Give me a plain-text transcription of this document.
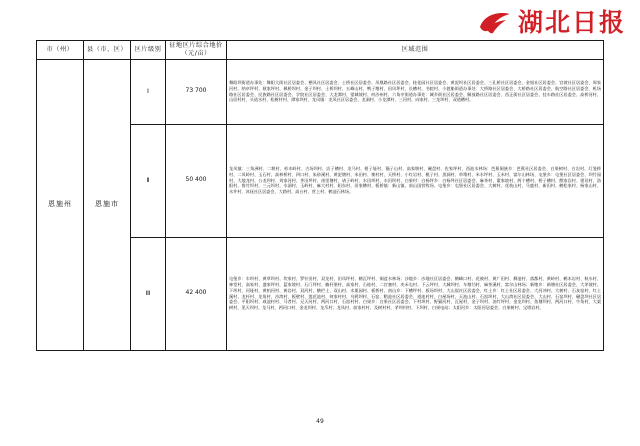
湖北日报
市（州）	县（市、区）	区片级别	征地区片综合地价（元/亩）	区域范围
恩施州	恩施市	Ⅰ	73 700	舞阳坝街道办事处：舞阳大街社区居委会、栖凤社区居委会、土桥社区居委会、凤凰路社区居委会、桂花园社区居委会、黄泥坝社区居委会、三孔桥社区居委会、金银社区居委会、官坡社区居委会、周家河村、纳卓坪村、耿家坪村、枫桥坝村、金子坝村、土桥坝村、五峰山村、鸭子塘村、田凤坪村、长槽村、书院村、小渡船街道办事处：大桥路社区居委会、大桥路社区居委会、航空路社区居委会、机场路社区居委会、民族路社区居委会、学院社区居委会、大龙潭村、望城坡村、何沙州村、六角亭街道办事处：城乡街社区居委会、解放路社区居委会、西正街社区居委会、挂车路社区居委会、高桥河村、山居村村、头道水村、松树村村、谭家坝村、龙凤镇：龙凤社区居委会、龙洞村、小龙潭村、三河村、向家村、三龙坝村、双道槽村。
		Ⅱ	50 400	龙凤镇：三角洲村、二堰村、杉木岭村、古场坝村、店子槽村、龙马村、相子垭村、猫子山村、高家堰村、碾盘村、佐家坪村、西池水林场：芭蕉侗族乡：芭蕉社区居委会、白果树村、白岩村、灯笼桥村、二凤岭村、玉石村、高林桥村、四口村、朱砂溪村、黄泥塘村、米田村、寨村村、天桥村、小红岩村、桃子村、黑洞村、草堆村、米水坪村、玉米村、富尔山林场、屯堡乡：屯堡社区居委会、坝竹园村、大地龙村、公龙坝村、刘家河村、茅田坪村、南里塘村、诸子岭村、水田坝村、水田坝村、白果村：白杨坪乡：白杨坪社区居委会、麻茶村、董家坡村、两个槽村、桥子槽村、熊家岩村、建设村、洛阳村、鲁竹坝村、三元坝村、水洞村、玉岭村、麻大村村、阳东村、田家槽村、板桥镇：新山镇、前山国营牧场、屯堡乡：屯堡社区居委会、大树村、花枝山村、马鹿村、新田村、鹤松家村、杨家山村、水井村、沐抚社区居委会、大路村、高台村、营上村、鹤池石林场。
		Ⅲ	42 400	屯堡乡：车坝村、黄草坝村、坎家村、罗针田村、双龙村、田凤坪村、鹤瓦坪村、铜盆水林场；沙地乡：沙地社区居委会、鹤峰口村、花被村、黄广田村、柳池村、落都村、黄岭村、鹤木岩村、秋水村、神堂村、高家村、盛家坪村、蓝家坡村、石门坪村、楠杆堡村、高家村、石桂村、二官塞村、麦禾屯村、下云坪村、大城坝村、车塘垱村、麻茶溪村、富尔山林场；新塘乡：新塘社区居委会、大茅坡村、下坝村、河垭村、黄柏河村、黄岩村、双河村、横栏土、双山村、木栗园村、板桥村、南山乡：下槽坪村、板场坝村、大山崖社区居委会、红土乡：红土社区居委会、大河冲村、大树村、石灰窑村、红土溪村、龙杆村、龙角村、沙湾村、板壁村、莲花池村、何家村村、乌鸦坝村、石窑、稻池社区居委会、道池村村、白屋场村、天池山村、石窑坝村、大山湾社区居委会、大山村、石窑坝村、碾盘坝社区居委会、平阳坝村、咸池村村、马者村、兄天河村、两河口村、石窑村村、白果乡：白果社区居委会、下村坝村、野猫河村、瓦屋村、金子坝村、油竹坪村、金龙坝村、鱼塘坝村、两河口村、牛角村、大栗树村、见天坝村、龙马村、两河口村、金龙坝村、龙爪村；龙凤村、前家村村、及树村村、茅坝村村、下坝村、白果电站；太阳河乡：太阳河居委会、白果树村、宝塔岩村。
49
